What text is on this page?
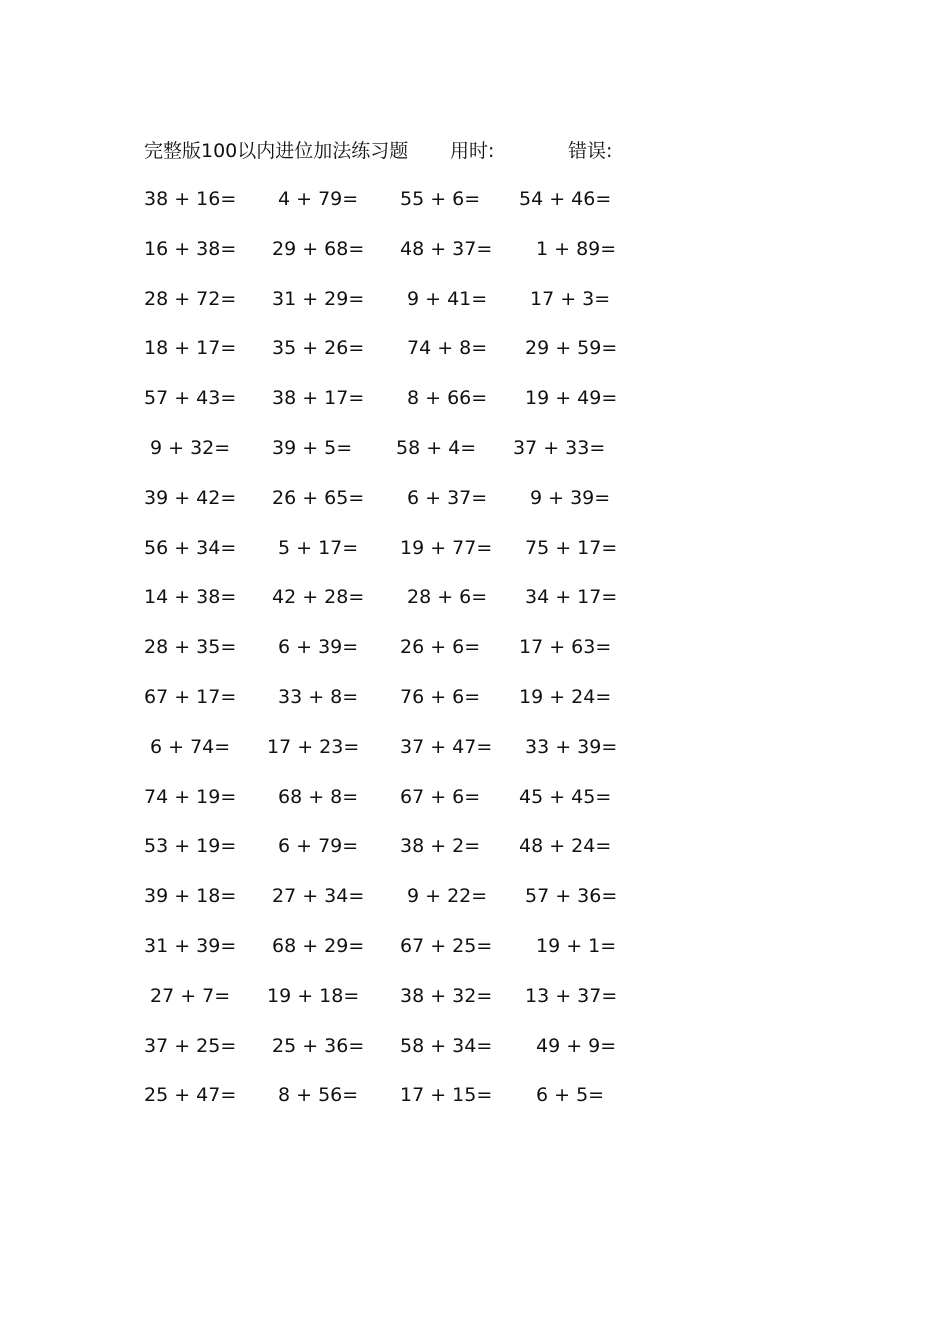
完整版100以内进位加法练习题 用时:	错误:
38 + 16= 4 + 79= 55 + 6= 54 + 46=
16 + 38= 29 + 68= 48 + 37= 1 + 89=
28 + 72= 31 + 29= 9 + 41= 17 + 3=
18 + 17= 35 + 26= 74 + 8= 29 + 59=
57 + 43= 38 + 17= 8 + 66= 19 + 49=
9 + 32= 39 + 5= 58 + 4= 37 + 33=
39 + 42= 26 + 65= 6 + 37= 9 + 39=
56 + 34= 5 + 17= 19 + 77= 75 + 17=
14 + 38= 42 + 28= 28 + 6= 34 + 17=
28 + 35= 6 + 39= 26 + 6= 17 + 63=
67 + 17= 33 + 8= 76 + 6= 19 + 24=
6 + 74= 17 + 23= 37 + 47= 33 + 39=
74 + 19= 68 + 8= 67 + 6= 45 + 45=
53 + 19= 6 + 79= 38 + 2= 48 + 24=
39 + 18= 27 + 34= 9 + 22= 57 + 36=
31 + 39= 68 + 29= 67 + 25= 19 + 1=
27 + 7= 19 + 18= 38 + 32= 13 + 37=
37 + 25= 25 + 36= 58 + 34= 49 + 9=
25 + 47= 8 + 56= 17 + 15= 6 + 5=
